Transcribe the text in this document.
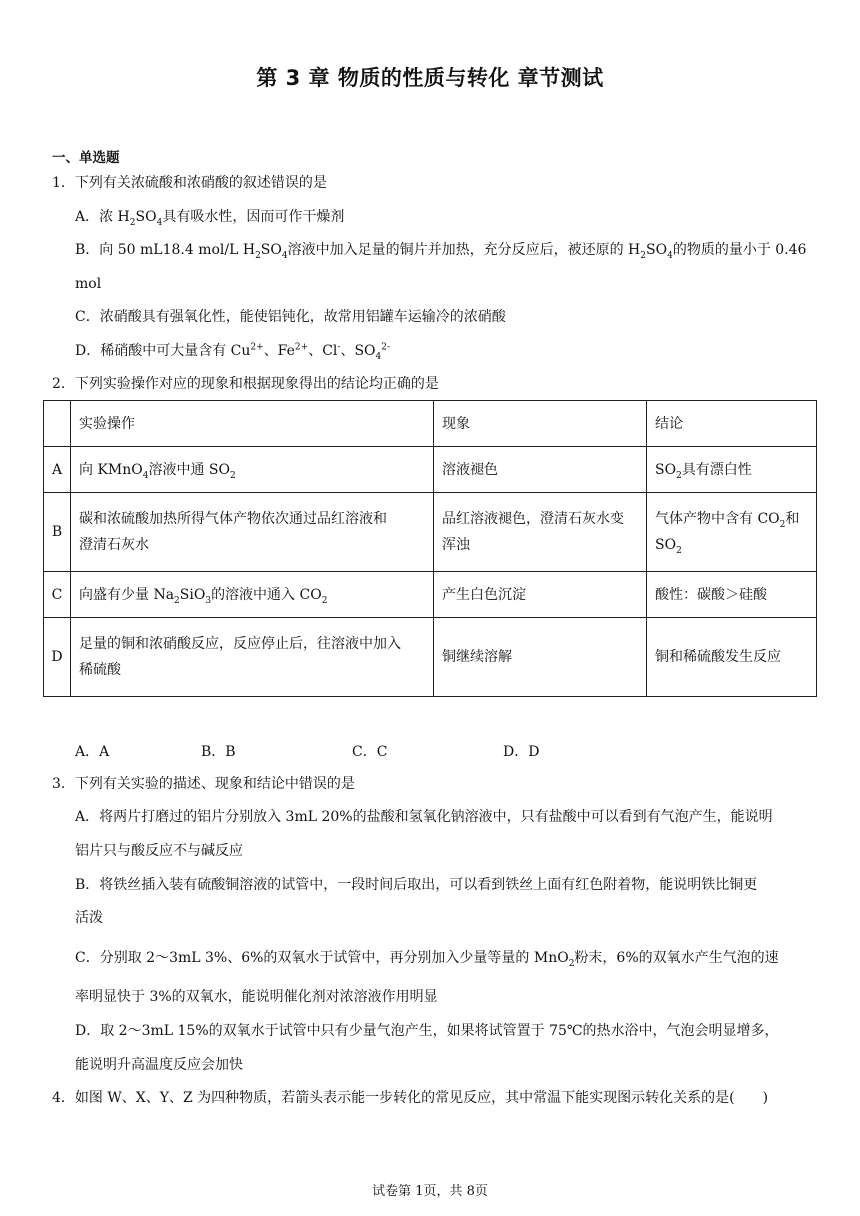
第 3 章 物质的性质与转化 章节测试
一、单选题
1．下列有关浓硫酸和浓硝酸的叙述错误的是
A．浓 $H_2SO_4$具有吸水性，因而可作干燥剂
B．向 50 mL18.4 mol/L $H_2SO_4$溶液中加入足量的铜片并加热，充分反应后，被还原的 $H_2SO_4$的物质的量小于 0.46
mol
C．浓硝酸具有强氧化性，能使铝钝化，故常用铝罐车运输冷的浓硝酸
D．稀硝酸中可大量含有 $Cu^{2+}$、$Fe^{2+}$、Cl-、$SO_4^{2-}$
2．下列实验操作对应的现象和根据现象得出的结论均正确的是
	实验操作	现象	结论
A	向 KMnO$_4$溶液中通 $SO_2$	溶液褪色	$SO_2$具有漂白性
B	碳和浓硫酸加热所得气体产物依次通过品红溶液和
澄清石灰水	品红溶液褪色，澄清石灰水变
浑浊	气体产物中含有 $CO_2$和
$SO_2$
C	向盛有少量 $Na_2SiO_3$的溶液中通入 $CO_2$	产生白色沉淀	酸性：碳酸＞硅酸
D	足量的铜和浓硝酸反应，反应停止后，往溶液中加入
稀硫酸	铜继续溶解	铜和稀硫酸发生反应
A．A	B．B	C．C	D．D
3．下列有关实验的描述、现象和结论中错误的是
A．将两片打磨过的铝片分别放入 3mL 20%的盐酸和氢氧化钠溶液中，只有盐酸中可以看到有气泡产生，能说明
铝片只与酸反应不与碱反应
B．将铁丝插入装有硫酸铜溶液的试管中，一段时间后取出，可以看到铁丝上面有红色附着物，能说明铁比铜更
活泼
C．分别取 2～3mL 3%、6%的双氧水于试管中，再分别加入少量等量的 MnO$_2$粉末，6%的双氧水产生气泡的速
率明显快于 3%的双氧水，能说明催化剂对浓溶液作用明显
D．取 2～3mL 15%的双氧水于试管中只有少量气泡产生，如果将试管置于 75℃的热水浴中，气泡会明显增多，
能说明升高温度反应会加快
4．如图 W、X、Y、Z 为四种物质，若箭头表示能一步转化的常见反应，其中常温下能实现图示转化关系的是(　　)
试卷第 1页，共 8页
